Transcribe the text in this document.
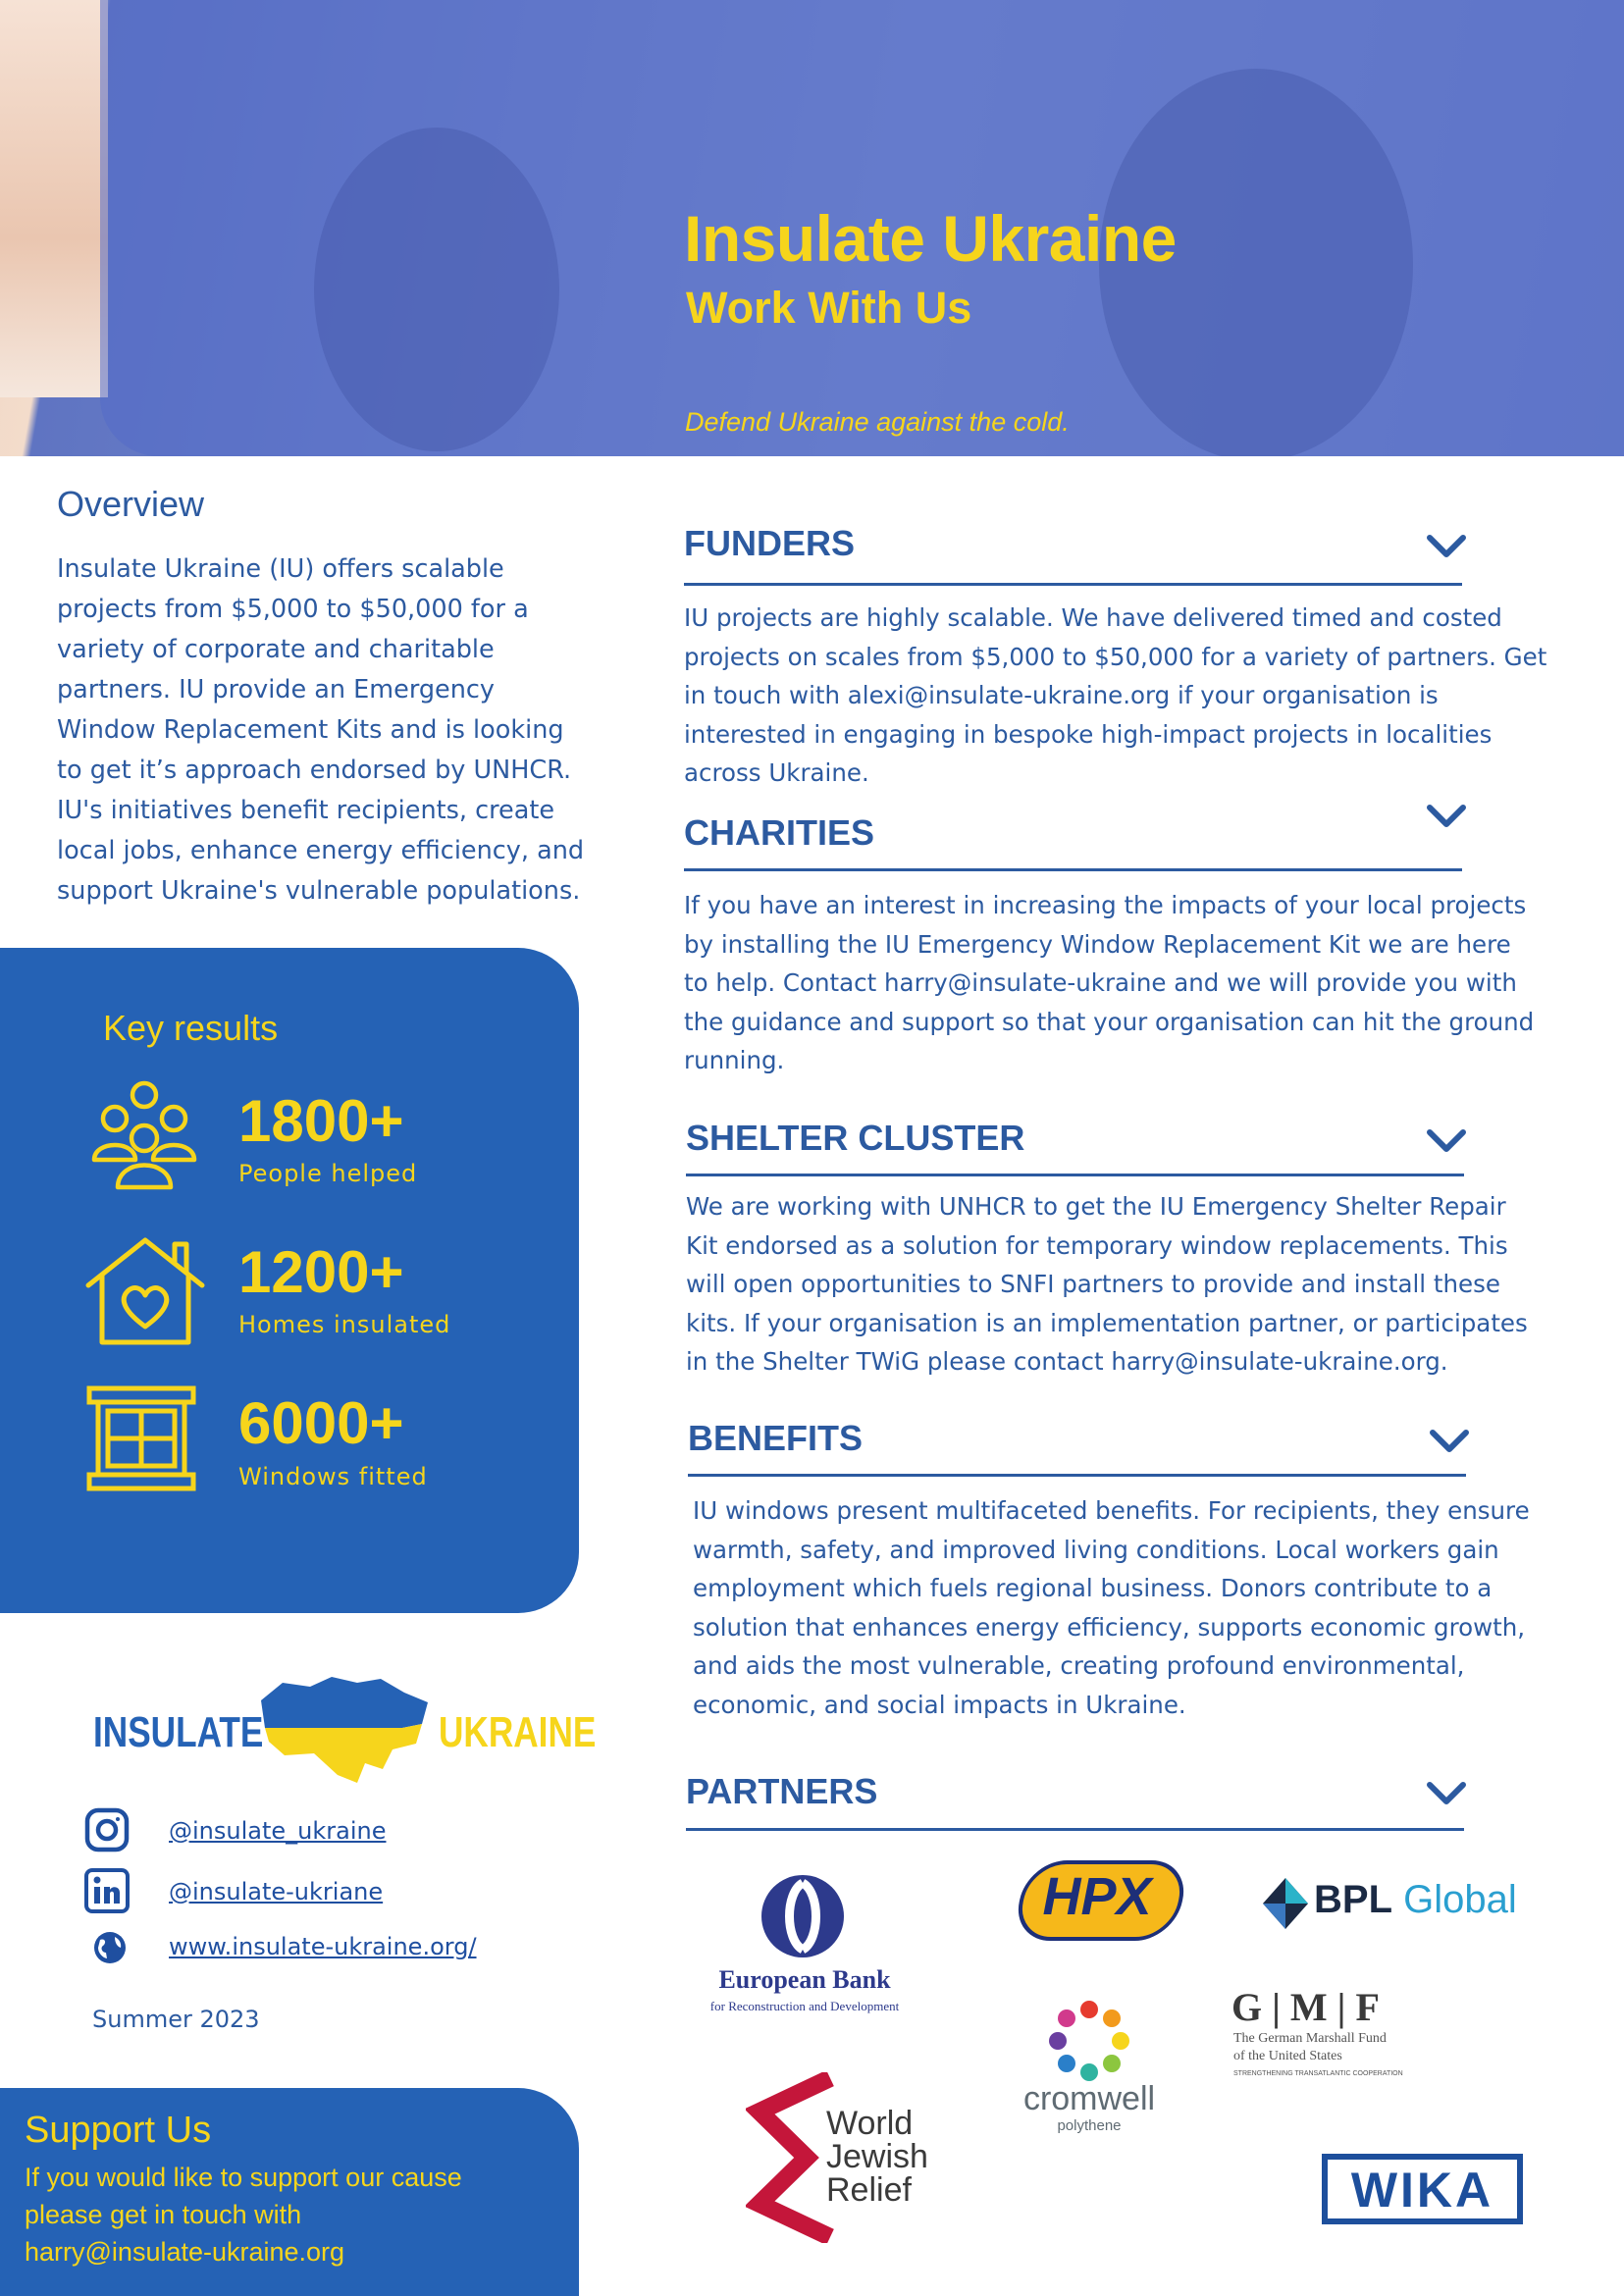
Insulate Ukraine
Work With Us
Defend Ukraine against the cold.
Overview
Insulate Ukraine (IU) offers scalable
projects from $5,000 to $50,000 for a
variety of corporate and charitable
partners. IU provide an Emergency
Window Replacement Kits and is looking
to get it’s approach endorsed by UNHCR.
IU's initiatives benefit recipients, create
local jobs, enhance energy efficiency, and
support Ukraine's vulnerable populations.
Key results
1800+
People helped
1200+
Homes insulated
6000+
Windows fitted
FUNDERS
IU projects are highly scalable. We have delivered timed and costed
projects on scales from $5,000 to $50,000 for a variety of partners. Get
in touch with alexi@insulate-ukraine.org if your organisation is
interested in engaging in bespoke high-impact projects in localities
across Ukraine.
CHARITIES
If you have an interest in increasing the impacts of your local projects
by installing the IU Emergency Window Replacement Kit we are here
to help. Contact harry@insulate-ukraine and we will provide you with
the guidance and support so that your organisation can hit the ground
running.
SHELTER CLUSTER
We are working with UNHCR to get the IU Emergency Shelter Repair
Kit endorsed as a solution for temporary window replacements. This
will open opportunities to SNFI partners to provide and install these
kits. If your organisation is an implementation partner, or participates
in the Shelter TWiG please contact harry@insulate-ukraine.org.
BENEFITS
IU windows present multifaceted benefits. For recipients, they ensure
warmth, safety, and improved living conditions. Local workers gain
employment which fuels regional business. Donors contribute to a
solution that enhances energy efficiency, supports economic growth,
and aids the most vulnerable, creating profound environmental,
economic, and social impacts in Ukraine.
PARTNERS
European Bank
for Reconstruction and Development
HPX	BPL Global
cromwell
polythene
G | M | F
The German Marshall Fund
of the United States
STRENGTHENING TRANSATLANTIC COOPERATION
World
Jewish
Relief	WIKA
INSULATE	UKRAINE
@insulate_ukraine
@insulate-ukriane
www.insulate-ukraine.org/
Summer 2023
Support Us
If you would like to support our cause
please get in touch with
harry@insulate-ukraine.org
